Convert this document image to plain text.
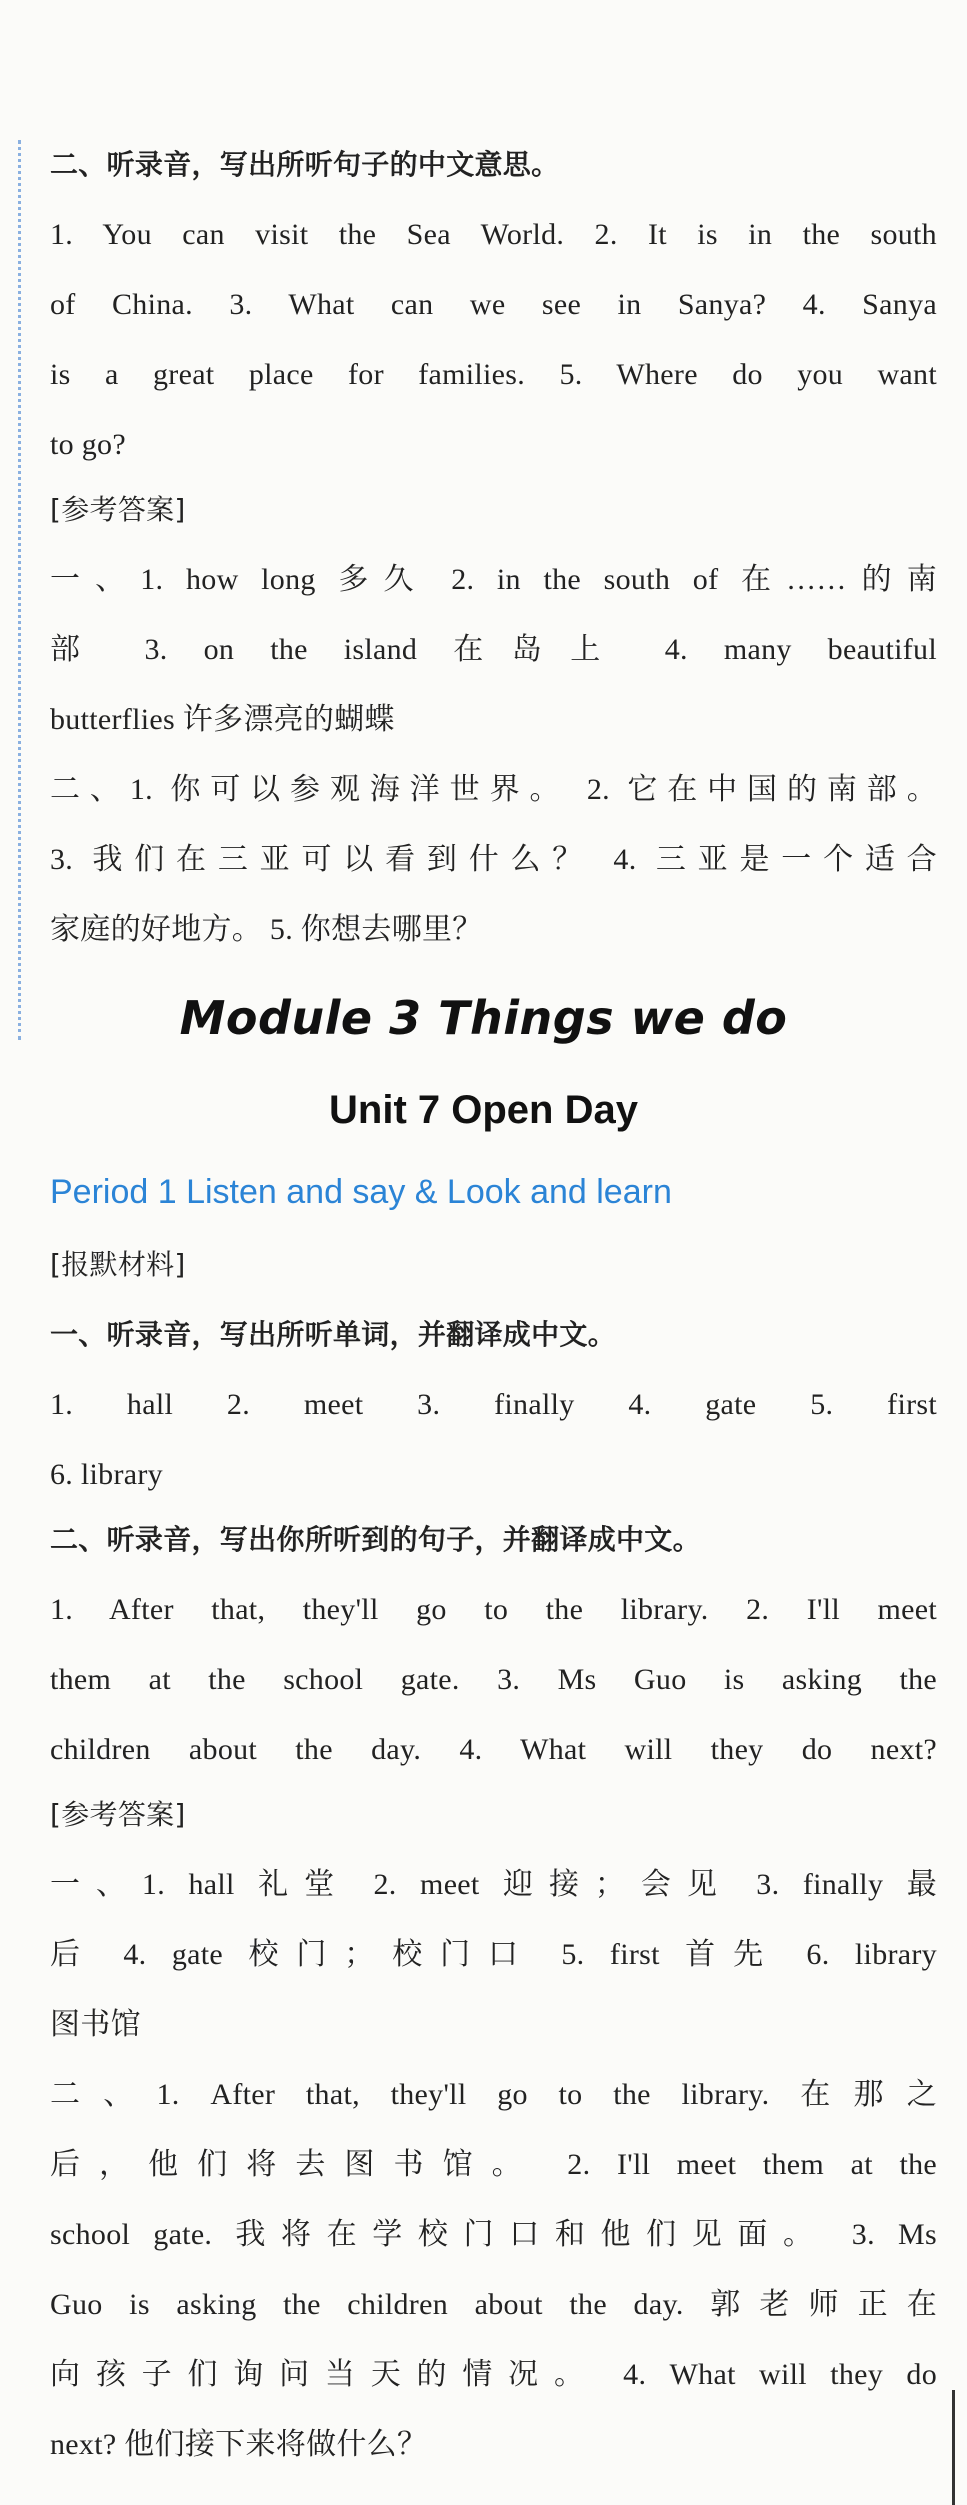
二、听录音，写出所听句子的中文意思。
1. You can visit the Sea World. 2. It is in the south
of China. 3. What can we see in Sanya? 4. Sanya
is a great place for families. 5. Where do you want
to go?
[参考答案]
一、1. how long 多久 2. in the south of 在……的南
部 3. on the island 在岛上 4. many beautiful
butterflies 许多漂亮的蝴蝶
二、1. 你可以参观海洋世界。 2. 它在中国的南部。
3. 我们在三亚可以看到什么？ 4. 三亚是一个适合
家庭的好地方。 5. 你想去哪里？
Module 3 Things we do
Unit 7 Open Day
Period 1 Listen and say & Look and learn
[报默材料]
一、听录音，写出所听单词，并翻译成中文。
1. hall 2. meet 3. finally 4. gate 5. first
6. library
二、听录音，写出你所听到的句子，并翻译成中文。
1. After that, they'll go to the library. 2. I'll meet
them at the school gate. 3. Ms Guo is asking the
children about the day. 4. What will they do next?
[参考答案]
一、1. hall 礼堂 2. meet 迎接；会见 3. finally 最
后 4. gate 校门；校门口 5. first 首先 6. library
图书馆
二、1. After that, they'll go to the library. 在那之
后，他们将去图书馆。 2. I'll meet them at the
school gate. 我将在学校门口和他们见面。 3. Ms
Guo is asking the children about the day. 郭老师正在
向孩子们询问当天的情况。 4. What will they do
next? 他们接下来将做什么？
